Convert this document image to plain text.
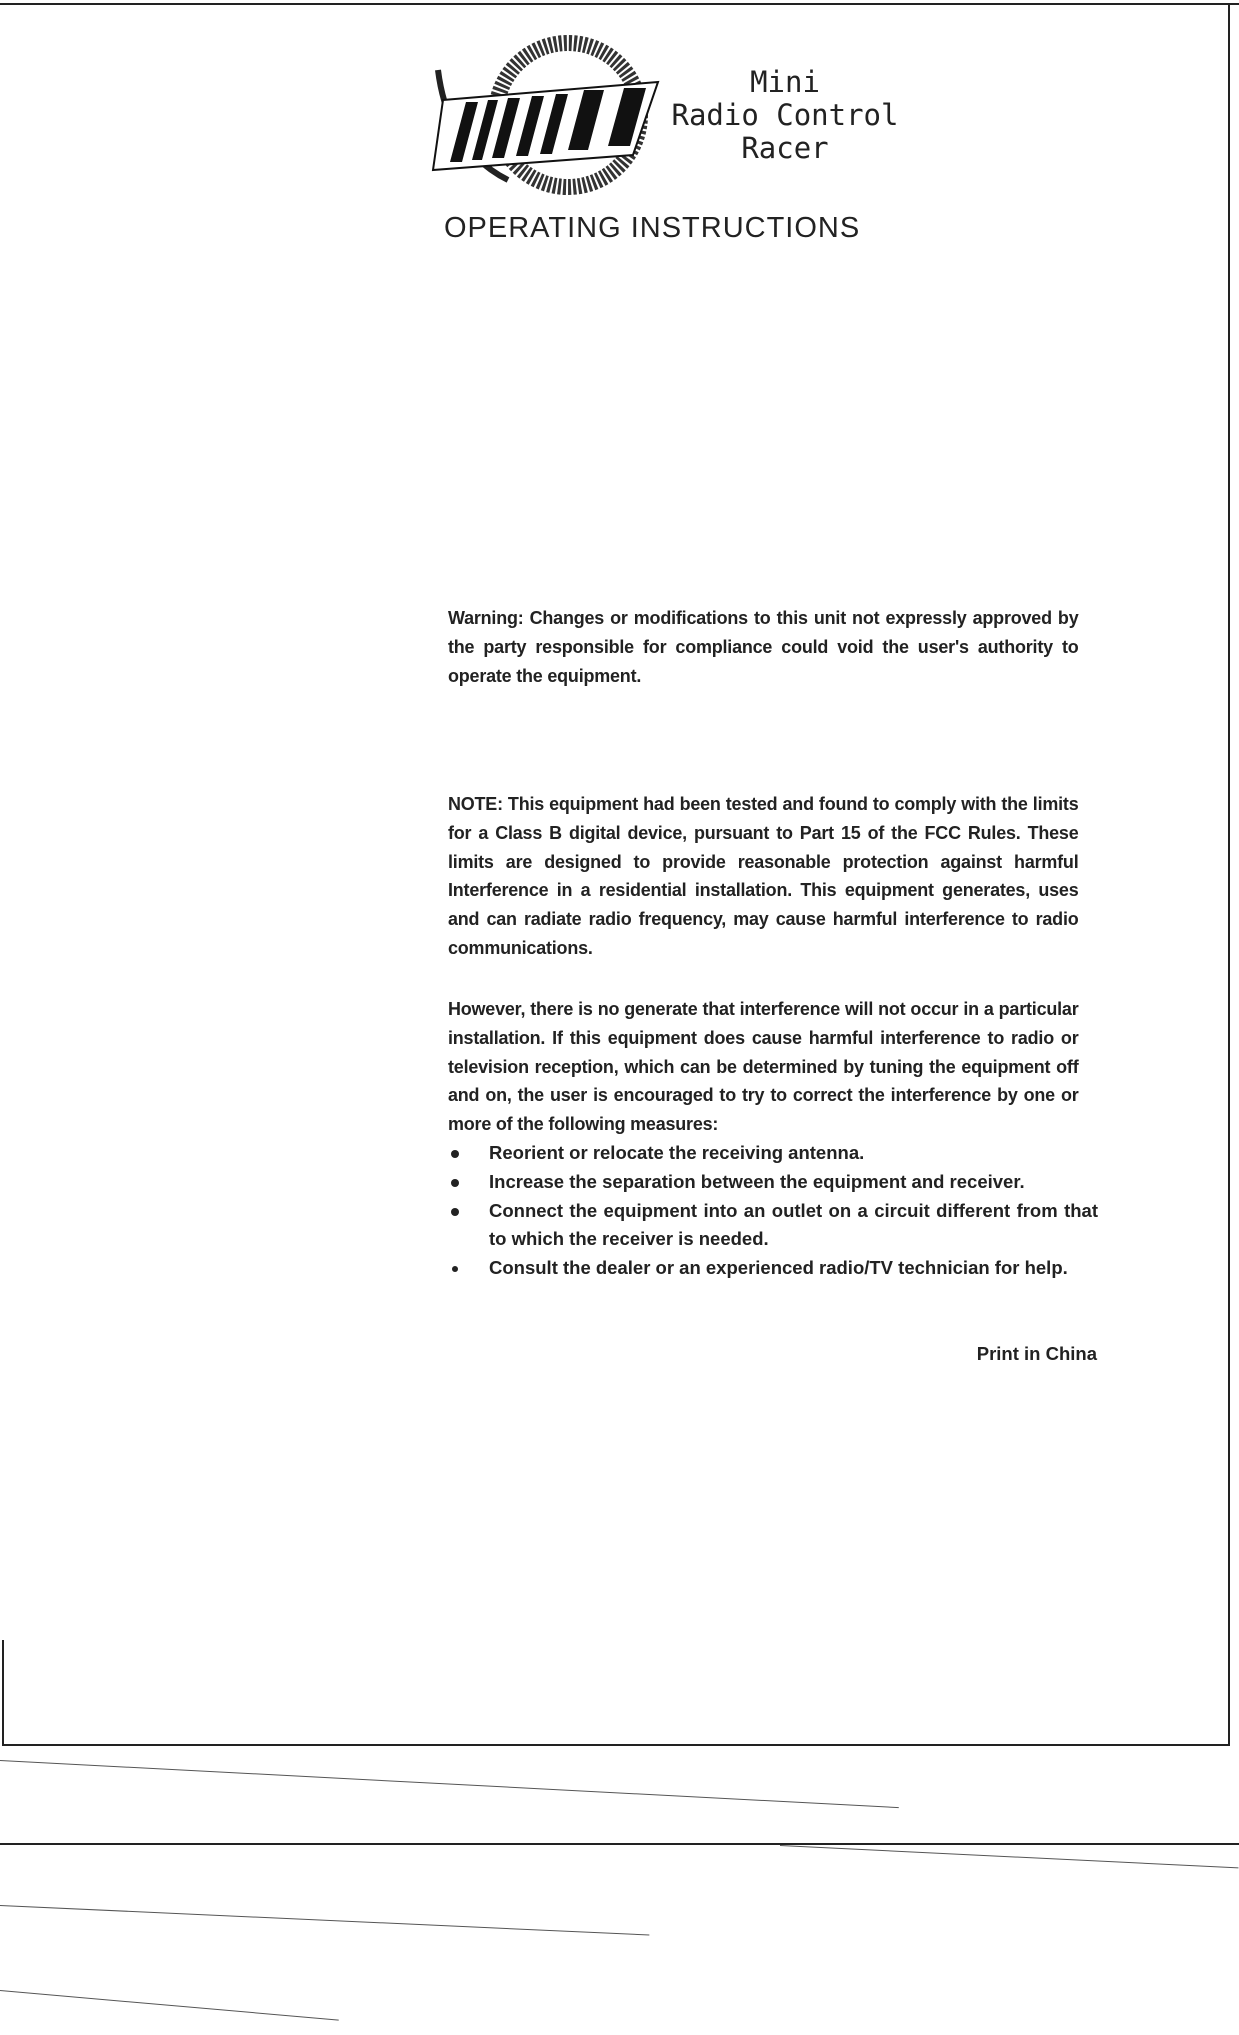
Mini
Radio Control
Racer
OPERATING INSTRUCTIONS

Warning: Changes or modifications to this unit not expressly approved by the party responsible for compliance could void the user's authority to operate the equipment.

NOTE: This equipment had been tested and found to comply with the limits for a Class B digital device, pursuant to Part 15 of the FCC Rules. These limits are designed to provide reasonable protection against harmful Interference in a residential installation. This equipment generates, uses and can radiate radio frequency, may cause harmful interference to radio communications.

However, there is no generate that interference will not occur in a particular installation. If this equipment does cause harmful interference to radio or television reception, which can be determined by tuning the equipment off and on, the user is encouraged to try to correct the interference by one or more of the following measures:

Reorient or relocate the receiving antenna.
Increase the separation between the equipment and receiver.
Connect the equipment into an outlet on a circuit different from that to which the receiver is needed.
Consult the dealer or an experienced radio/TV technician for help.
Print in China
